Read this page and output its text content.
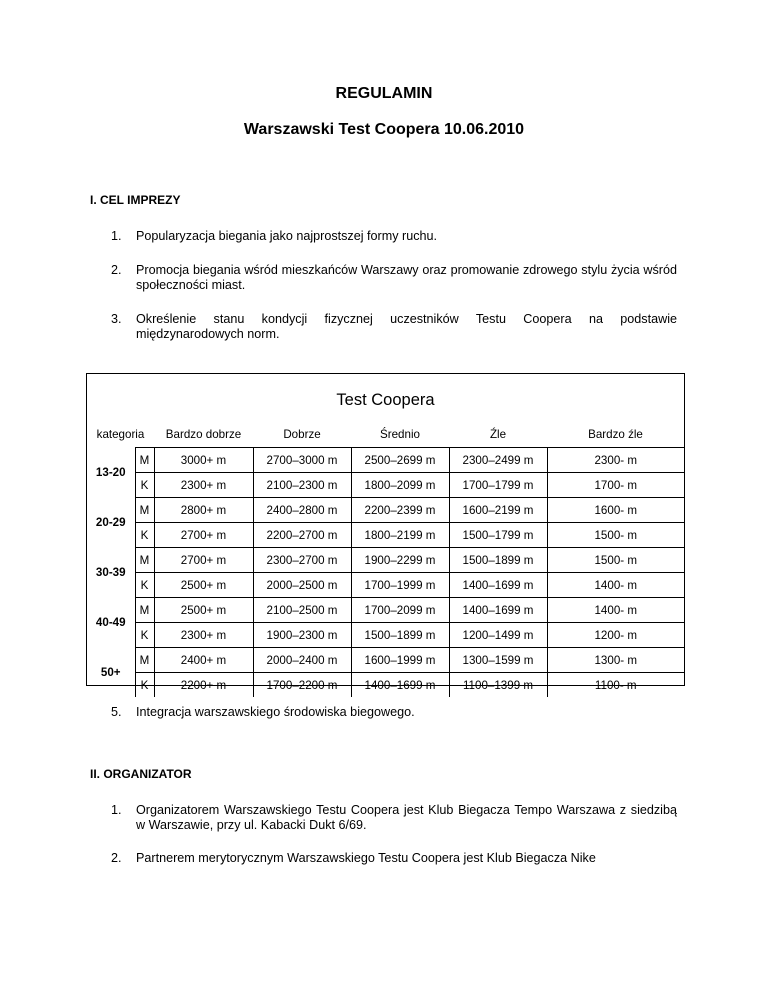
REGULAMIN
Warszawski Test Coopera 10.06.2010
I. CEL IMPREZY
1. Popularyzacja biegania jako najprostszej formy ruchu.
2. Promocja biegania wśród mieszkańców Warszawy oraz promowanie zdrowego stylu życia wśród społeczności miast.
3. Określenie stanu kondycji fizycznej uczestników Testu Coopera na podstawie międzynarodowych norm.
Test Coopera
kategoria		Bardzo dobrze	Dobrze	Średnio	Źle	Bardzo źle
13-20	M	3000+ m	2700–3000 m	2500–2699 m	2300–2499 m	2300- m
	K	2300+ m	2100–2300 m	1800–2099 m	1700–1799 m	1700- m
20-29	M	2800+ m	2400–2800 m	2200–2399 m	1600–2199 m	1600- m
	K	2700+ m	2200–2700 m	1800–2199 m	1500–1799 m	1500- m
30-39	M	2700+ m	2300–2700 m	1900–2299 m	1500–1899 m	1500- m
	K	2500+ m	2000–2500 m	1700–1999 m	1400–1699 m	1400- m
40-49	M	2500+ m	2100–2500 m	1700–2099 m	1400–1699 m	1400- m
	K	2300+ m	1900–2300 m	1500–1899 m	1200–1499 m	1200- m
50+	M	2400+ m	2000–2400 m	1600–1999 m	1300–1599 m	1300- m
	K	2200+ m	1700–2200 m	1400–1699 m	1100–1399 m	1100- m
5. Integracja warszawskiego środowiska biegowego.
II. ORGANIZATOR
1. Organizatorem Warszawskiego Testu Coopera jest Klub Biegacza Tempo Warszawa z siedzibą w Warszawie, przy ul. Kabacki Dukt 6/69.
2. Partnerem merytorycznym Warszawskiego Testu Coopera jest Klub Biegacza Nike
